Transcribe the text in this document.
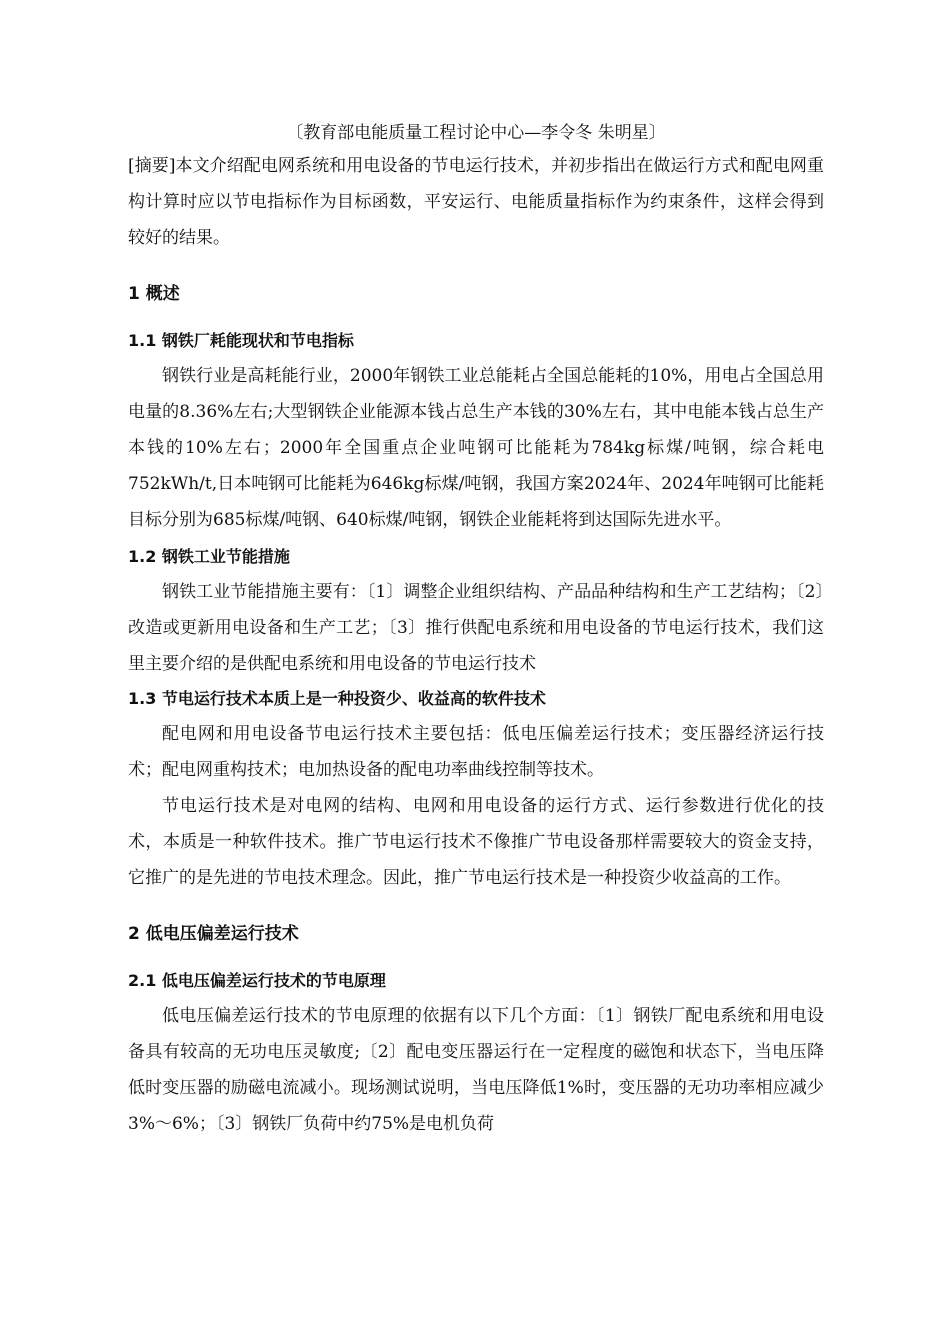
〔教育部电能质量工程讨论中心—李令冬 朱明星〕

[摘要]本文介绍配电网系统和用电设备的节电运行技术，并初步指出在做运行方式和配电网重构计算时应以节电指标作为目标函数，平安运行、电能质量指标作为约束条件，这样会得到较好的结果。

1 概述
1.1 钢铁厂耗能现状和节电指标

钢铁行业是高耗能行业，2000年钢铁工业总能耗占全国总能耗的10%，用电占全国总用电量的8.36%左右;大型钢铁企业能源本钱占总生产本钱的30%左右，其中电能本钱占总生产本钱的10%左右；2000年全国重点企业吨钢可比能耗为784kg标煤/吨钢，综合耗电752kWh/t,日本吨钢可比能耗为646kg标煤/吨钢，我国方案2024年、2024年吨钢可比能耗目标分别为685标煤/吨钢、640标煤/吨钢，钢铁企业能耗将到达国际先进水平。

1.2 钢铁工业节能措施

钢铁工业节能措施主要有：〔1〕调整企业组织结构、产品品种结构和生产工艺结构；〔2〕改造或更新用电设备和生产工艺；〔3〕推行供配电系统和用电设备的节电运行技术，我们这里主要介绍的是供配电系统和用电设备的节电运行技术

1.3 节电运行技术本质上是一种投资少、收益高的软件技术

配电网和用电设备节电运行技术主要包括：低电压偏差运行技术；变压器经济运行技术；配电网重构技术；电加热设备的配电功率曲线控制等技术。

节电运行技术是对电网的结构、电网和用电设备的运行方式、运行参数进行优化的技术，本质是一种软件技术。推广节电运行技术不像推广节电设备那样需要较大的资金支持，它推广的是先进的节电技术理念。因此，推广节电运行技术是一种投资少收益高的工作。

2 低电压偏差运行技术
2.1 低电压偏差运行技术的节电原理

低电压偏差运行技术的节电原理的依据有以下几个方面：〔1〕钢铁厂配电系统和用电设备具有较高的无功电压灵敏度;〔2〕配电变压器运行在一定程度的磁饱和状态下，当电压降低时变压器的励磁电流减小。现场测试说明，当电压降低1%时，变压器的无功功率相应减少3%～6%；〔3〕钢铁厂负荷中约75%是电机负荷
